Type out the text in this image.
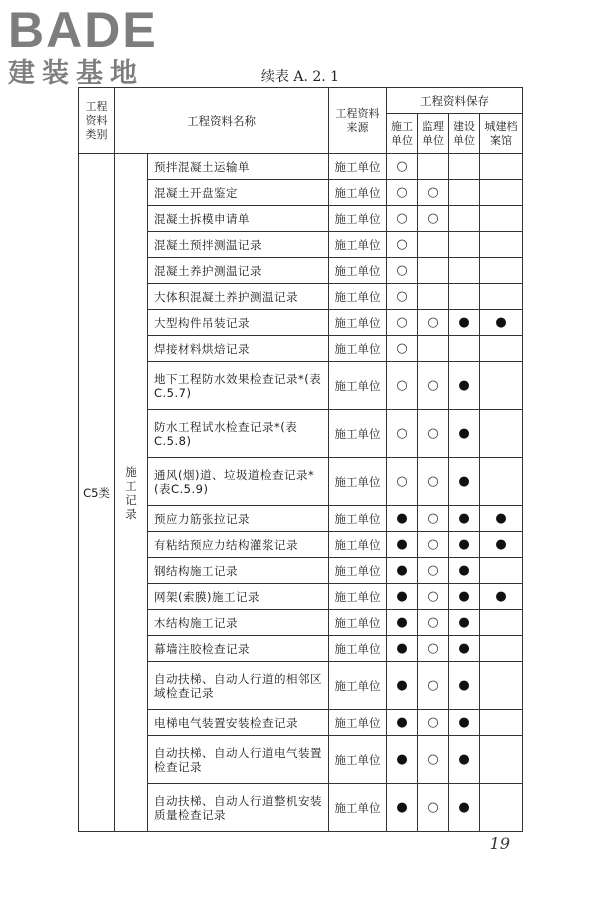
BADE
建装基地	续表 A. 2. 1
工程资料类别	工程资料名称		工程资料来源	工程资料保存			
				施工单位	监理单位	建设单位	城建档案馆
C5类	施工记录	预拌混凝土运输单	施工单位	○			
		混凝土开盘鉴定	施工单位	○	○		
		混凝土拆模申请单	施工单位	○	○		
		混凝土预拌测温记录	施工单位	○			
		混凝土养护测温记录	施工单位	○			
		大体积混凝土养护测温记录	施工单位	○			
		大型构件吊装记录	施工单位	○	○	●	●
		焊接材料烘焙记录	施工单位	○			
		地下工程防水效果检查记录*(表C.5.7)	施工单位	○	○	●	
		防水工程试水检查记录*(表C.5.8)	施工单位	○	○	●	
		通风(烟)道、垃圾道检查记录*(表C.5.9)	施工单位	○	○	●	
		预应力筋张拉记录	施工单位	●	○	●	●
		有粘结预应力结构灌浆记录	施工单位	●	○	●	●
		钢结构施工记录	施工单位	●	○	●	
		网架(索膜)施工记录	施工单位	●	○	●	●
		木结构施工记录	施工单位	●	○	●	
		幕墙注胶检查记录	施工单位	●	○	●	
		自动扶梯、自动人行道的相邻区域检查记录	施工单位	●	○	●	
		电梯电气装置安装检查记录	施工单位	●	○	●	
		自动扶梯、自动人行道电气装置检查记录	施工单位	●	○	●	
		自动扶梯、自动人行道整机安装质量检查记录	施工单位	●	○	●	
19
